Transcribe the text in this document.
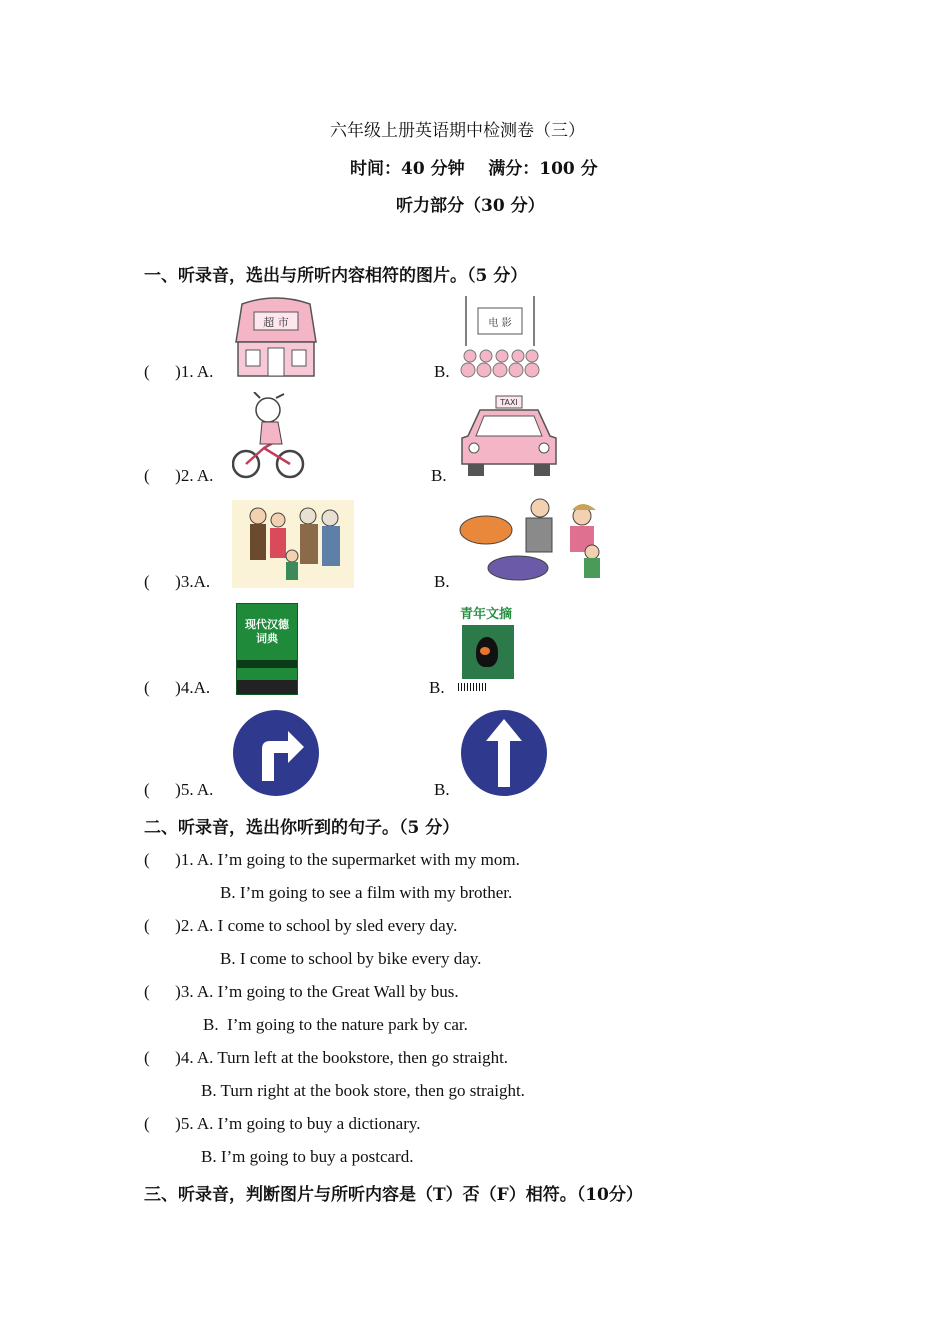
六年级上册英语期中检测卷（三）
时间：40 分钟    满分：100 分
听力部分（30 分）
一、听录音，选出与所听内容相符的图片。（5 分）
(      )1. A.	B.
(      )2. A.	B.
(      )3.A.	B.
(      )4.A.	B.
(      )5. A.	B.
超 市	电 影
TAXI
现代汉德 词典
青年文摘
二、听录音，选出你听到的句子。（5 分）
(      )1. A. I’m going to the supermarket with my mom.
B. I’m going to see a film with my brother.
(      )2. A. I come to school by sled every day.
B. I come to school by bike every day.
(      )3. A. I’m going to the Great Wall by bus.
B.  I’m going to the nature park by car.
(      )4. A. Turn left at the bookstore, then go straight.
B. Turn right at the book store, then go straight.
(      )5. A. I’m going to buy a dictionary.
B. I’m going to buy a postcard.
三、听录音，判断图片与所听内容是（T）否（F）相符。（10分）
